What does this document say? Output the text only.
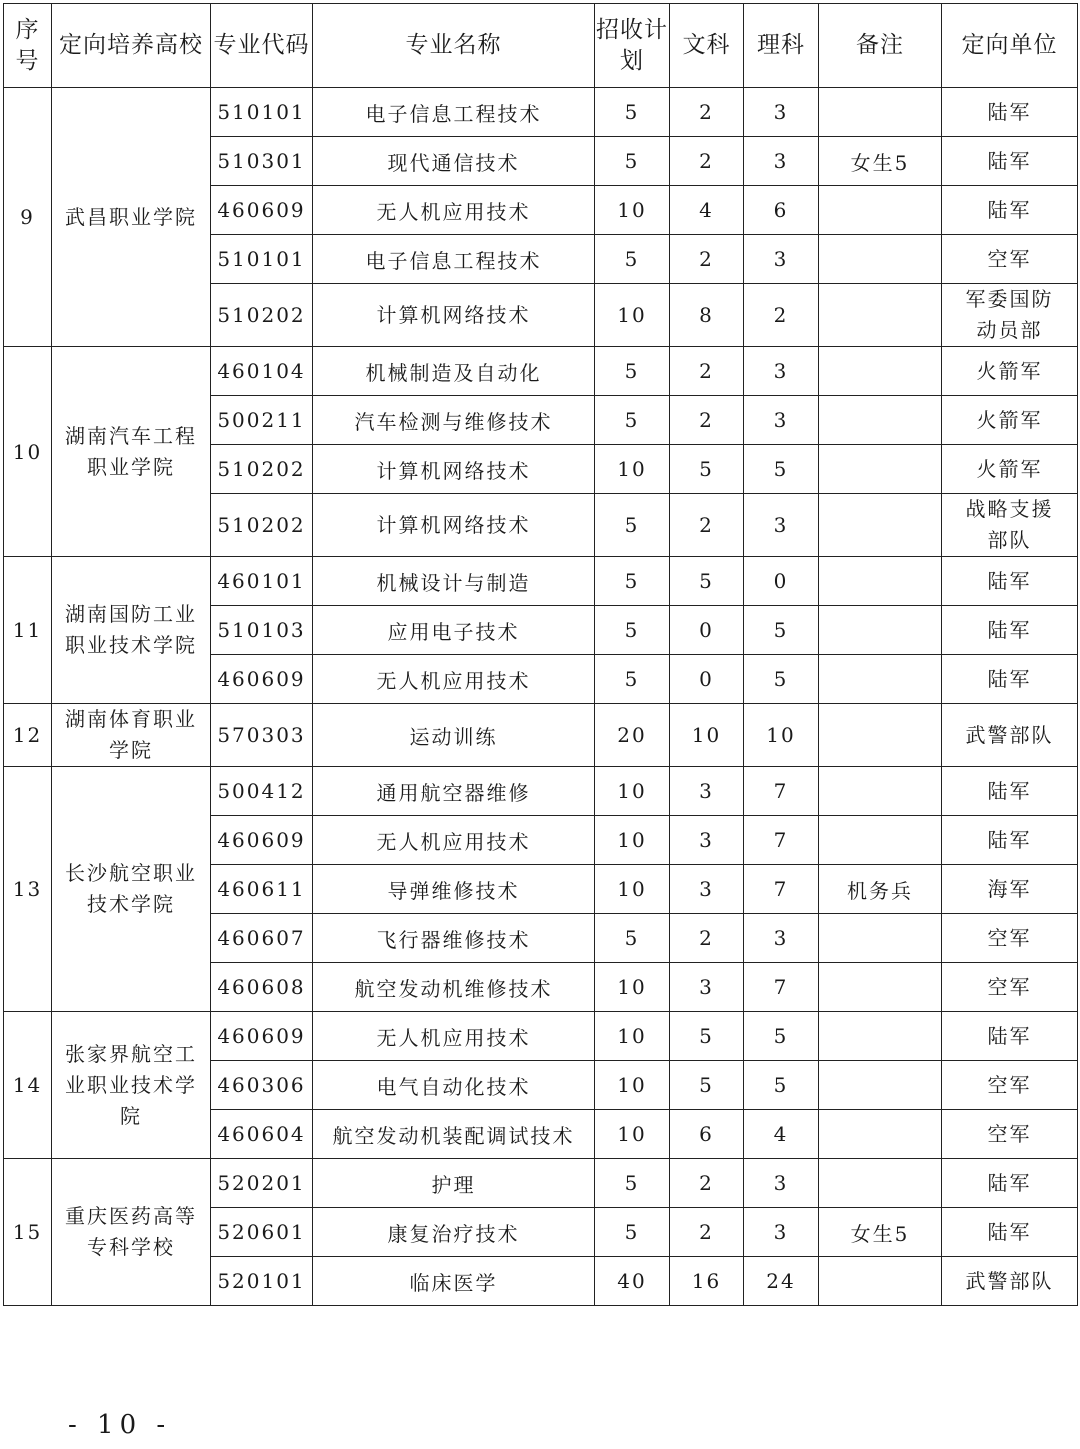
序号	定向培养高校	专业代码	专业名称	招收计划	文科	理科	备注	定向单位
9	武昌职业学院	510101	电子信息工程技术	5	2	3		陆军
		510301	现代通信技术	5	2	3	女生5	陆军
		460609	无人机应用技术	10	4	6		陆军
		510101	电子信息工程技术	5	2	3		空军
		510202	计算机网络技术	10	8	2		军委国防
动员部
10	湖南汽车工程职业学院	460104	机械制造及自动化	5	2	3		火箭军
		500211	汽车检测与维修技术	5	2	3		火箭军
		510202	计算机网络技术	10	5	5		火箭军
		510202	计算机网络技术	5	2	3		战略支援
部队
11	湖南国防工业职业技术学院	460101	机械设计与制造	5	5	0		陆军
		510103	应用电子技术	5	0	5		陆军
		460609	无人机应用技术	5	0	5		陆军
12	湖南体育职业学院	570303	运动训练	20	10	10		武警部队
13	长沙航空职业技术学院	500412	通用航空器维修	10	3	7		陆军
		460609	无人机应用技术	10	3	7		陆军
		460611	导弹维修技术	10	3	7	机务兵	海军
		460607	飞行器维修技术	5	2	3		空军
		460608	航空发动机维修技术	10	3	7		空军
14	张家界航空工业职业技术学院	460609	无人机应用技术	10	5	5		陆军
		460306	电气自动化技术	10	5	5		空军
		460604	航空发动机装配调试技术	10	6	4		空军
15	重庆医药高等专科学校	520201	护理	5	2	3		陆军
		520601	康复治疗技术	5	2	3	女生5	陆军
		520101	临床医学	40	16	24		武警部队
- 10 -
